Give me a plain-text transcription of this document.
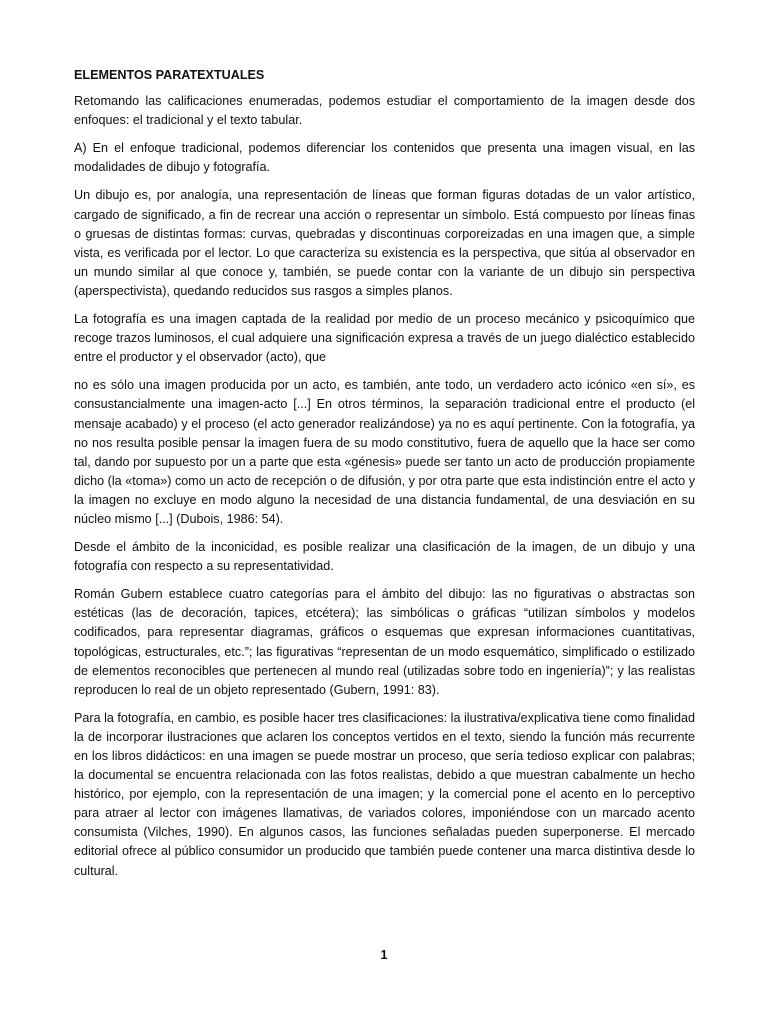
ELEMENTOS PARATEXTUALES

Retomando las calificaciones enumeradas, podemos estudiar el comportamiento de la imagen desde dos enfoques: el tradicional y el texto tabular.

A) En el enfoque tradicional, podemos diferenciar los contenidos que presenta una imagen visual, en las modalidades de dibujo y fotografía.

Un dibujo es, por analogía, una representación de líneas que forman figuras dotadas de un valor artístico, cargado de significado, a fin de recrear una acción o representar un símbolo. Está compuesto por líneas finas o gruesas de distintas formas: curvas, quebradas y discontinuas corporeizadas en una imagen que, a simple vista, es verificada por el lector. Lo que caracteriza su existencia es la perspectiva, que sitúa al observador en un mundo similar al que conoce y, también, se puede contar con la variante de un dibujo sin perspectiva (aperspectivista), quedando reducidos sus rasgos a simples planos.

La fotografía es una imagen captada de la realidad por medio de un proceso mecánico y psicoquímico que recoge trazos luminosos, el cual adquiere una significación expresa a través de un juego dialéctico establecido entre el productor y el observador (acto), que

no es sólo una imagen producida por un acto, es también, ante todo, un verdadero acto icónico «en sí», es consustancialmente una imagen-acto [...] En otros términos, la separación tradicional entre el producto (el mensaje acabado) y el proceso (el acto generador realizándose) ya no es aquí pertinente. Con la fotografía, ya no nos resulta posible pensar la imagen fuera de su modo constitutivo, fuera de aquello que la hace ser como tal, dando por supuesto por un a parte que esta «génesis» puede ser tanto un acto de producción propiamente dicho (la «toma») como un acto de recepción o de difusión, y por otra parte que esta indistinción entre el acto y la imagen no excluye en modo alguno la necesidad de una distancia fundamental, de una desviación en su núcleo mismo [...] (Dubois, 1986: 54).

Desde el ámbito de la inconicidad, es posible realizar una clasificación de la imagen, de un dibujo y una fotografía con respecto a su representatividad.

Román Gubern establece cuatro categorías para el ámbito del dibujo: las no figurativas o abstractas son estéticas (las de decoración, tapices, etcétera); las simbólicas o gráficas “utilizan símbolos y modelos codificados, para representar diagramas, gráficos o esquemas que expresan informaciones cuantitativas, topológicas, estructurales, etc.”; las figurativas “representan de un modo esquemático, simplificado o estilizado de elementos reconocibles que pertenecen al mundo real (utilizadas sobre todo en ingeniería)”; y las realistas reproducen lo real de un objeto representado (Gubern, 1991: 83).

Para la fotografía, en cambio, es posible hacer tres clasificaciones: la ilustrativa/explicativa tiene como finalidad la de incorporar ilustraciones que aclaren los conceptos vertidos en el texto, siendo la función más recurrente en los libros didácticos: en una imagen se puede mostrar un proceso, que sería tedioso explicar con palabras; la documental se encuentra relacionada con las fotos realistas, debido a que muestran cabalmente un hecho histórico, por ejemplo, con la representación de una imagen; y la comercial pone el acento en lo perceptivo para atraer al lector con imágenes llamativas, de variados colores, imponiéndose con un marcado acento consumista (Vilches, 1990). En algunos casos, las funciones señaladas pueden superponerse. El mercado editorial ofrece al público consumidor un producido que también puede contener una marca distintiva desde lo cultural.

1
